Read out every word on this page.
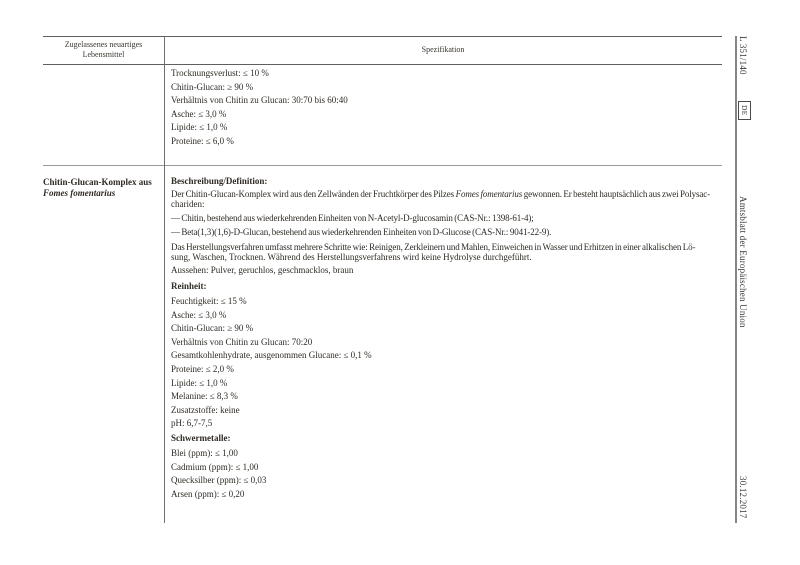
Zugelassenes neuartiges
Lebensmittel
Spezifikation
Trocknungsverlust: ≤ 10 %
Chitin-Glucan: ≥ 90 %
Verhältnis von Chitin zu Glucan: 30:70 bis 60:40
Asche: ≤ 3,0 %
Lipide: ≤ 1,0 %
Proteine: ≤ 6,0 %
Chitin-Glucan-Komplex aus
Fomes fomentarius
Beschreibung/Definition:
Der Chitin-Glucan-Komplex wird aus den Zellwänden der Fruchtkörper des Pilzes Fomes fomentarius gewonnen. Er besteht hauptsächlich aus zwei Polysac-
chariden:
— Chitin, bestehend aus wiederkehrenden Einheiten von N-Acetyl-D-glucosamin (CAS-Nr.: 1398-61-4);
— Beta(1,3)(1,6)-D-Glucan, bestehend aus wiederkehrenden Einheiten von D-Glucose (CAS-Nr.: 9041-22-9).
Das Herstellungsverfahren umfasst mehrere Schritte wie: Reinigen, Zerkleinern und Mahlen, Einweichen in Wasser und Erhitzen in einer alkalischen Lö-
sung, Waschen, Trocknen. Während des Herstellungsverfahrens wird keine Hydrolyse durchgeführt.
Aussehen: Pulver, geruchlos, geschmacklos, braun
Reinheit:
Feuchtigkeit: ≤ 15 %
Asche: ≤ 3,0 %
Chitin-Glucan: ≥ 90 %
Verhältnis von Chitin zu Glucan: 70:20
Gesamtkohlenhydrate, ausgenommen Glucane: ≤ 0,1 %
Proteine: ≤ 2,0 %
Lipide: ≤ 1,0 %
Melanine: ≤ 8,3 %
Zusatzstoffe: keine
pH: 6,7-7,5
Schwermetalle:
Blei (ppm): ≤ 1,00
Cadmium (ppm): ≤ 1,00
Quecksilber (ppm): ≤ 0,03
Arsen (ppm): ≤ 0,20
L 351/140
DE
Amtsblatt der Europäischen Union
30.12.2017
